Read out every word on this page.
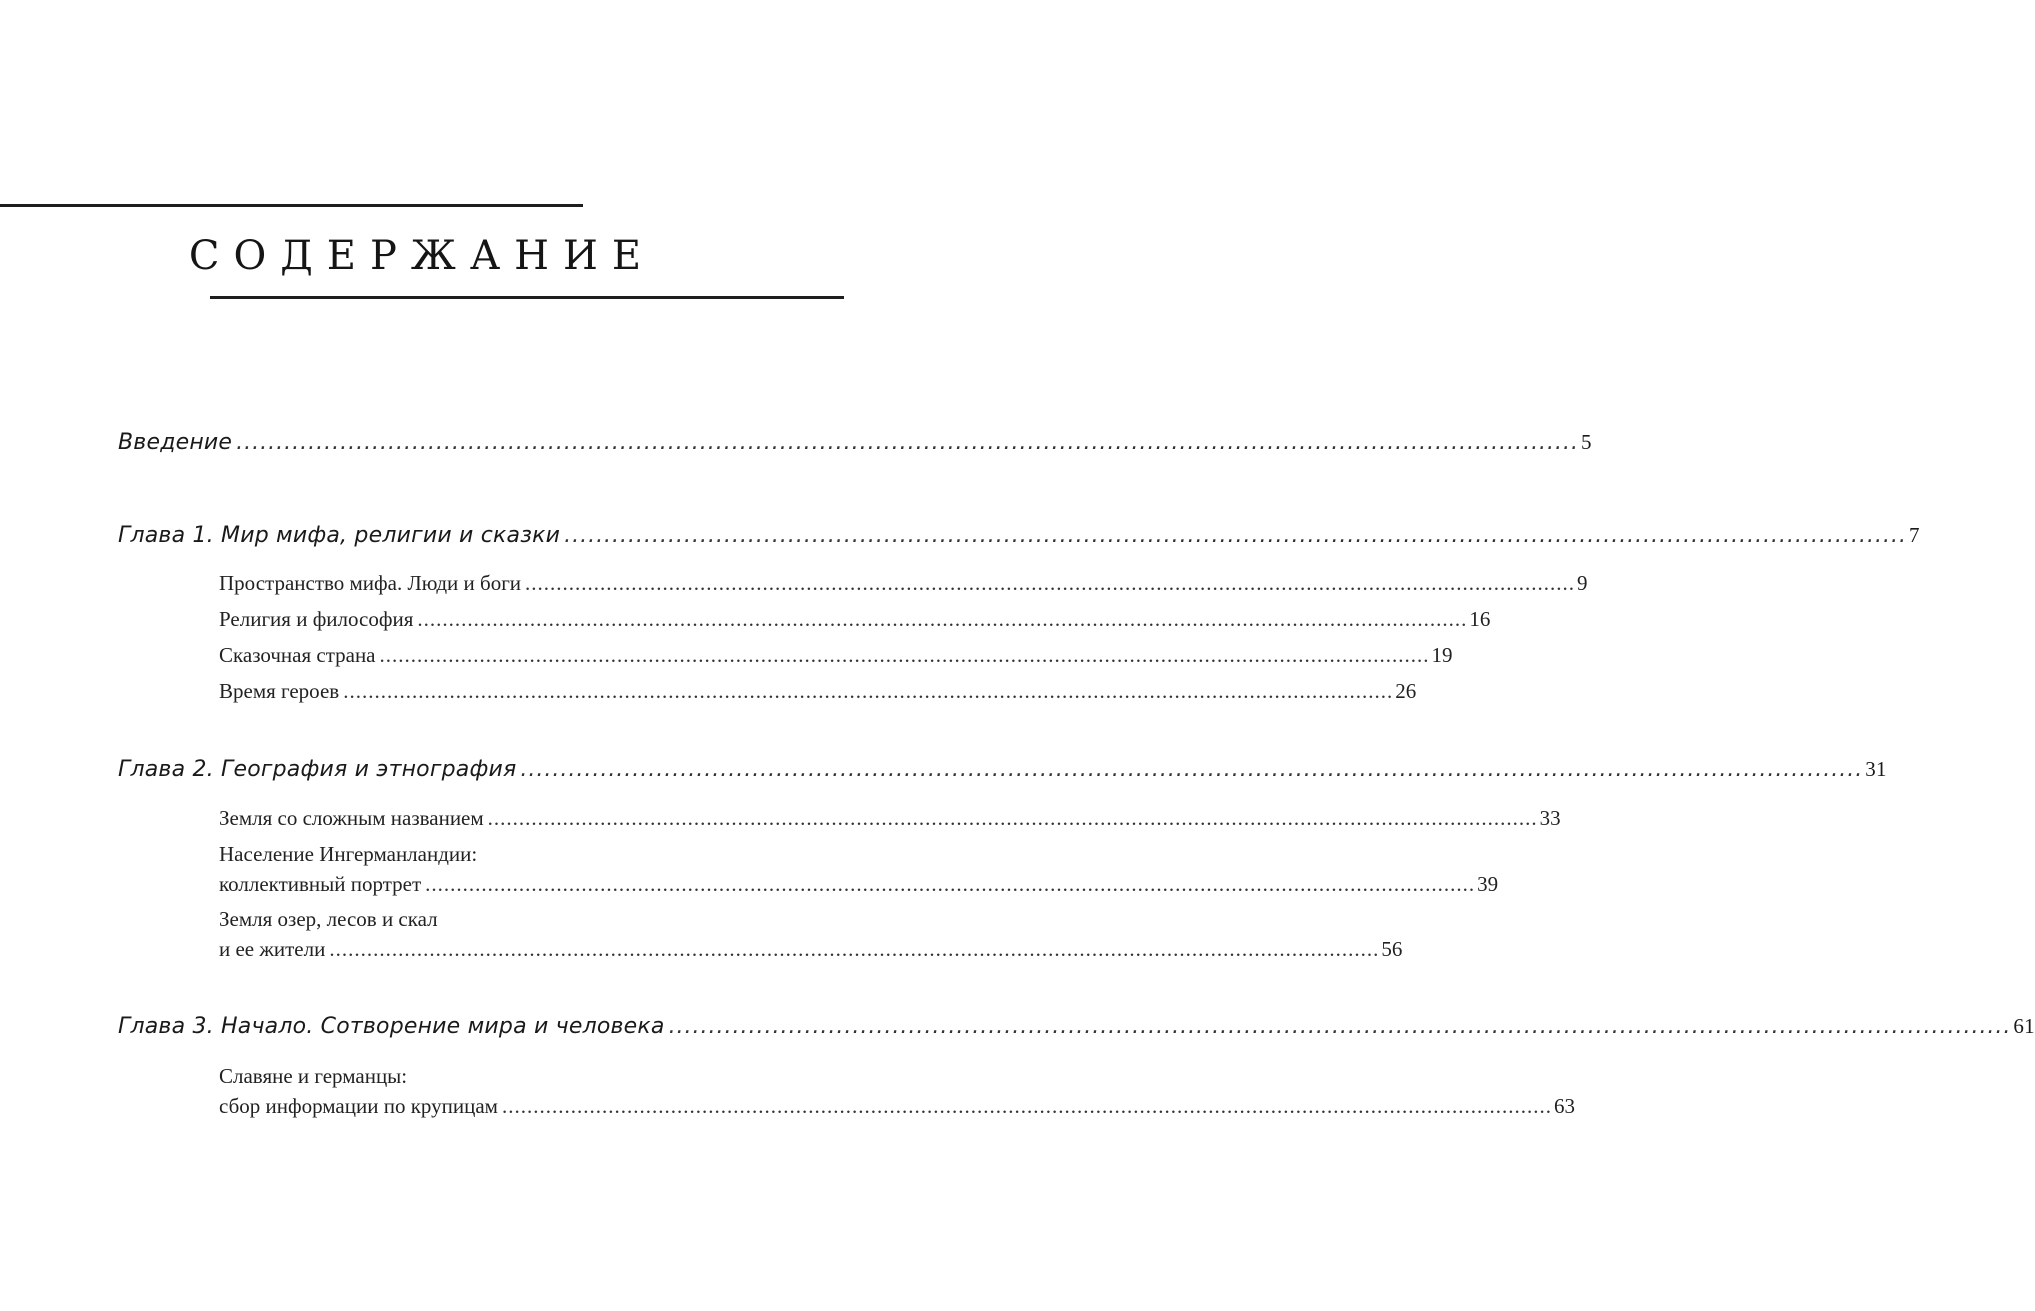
СОДЕРЖАНИЕ
Введение ........................................................................................................................................................................ 5
Глава 1. Мир мифа, религии и сказки ........................................................................................................................................................................ 7
Пространство мифа. Люди и боги ........................................................................................................................................................................ 9
Религия и философия ........................................................................................................................................................................ 16
Сказочная страна ........................................................................................................................................................................ 19
Время героев ........................................................................................................................................................................ 26
Глава 2. География и этнография ........................................................................................................................................................................ 31
Земля со сложным названием ........................................................................................................................................................................ 33
Население Ингерманландии:
коллективный портрет ........................................................................................................................................................................ 39
Земля озер, лесов и скал
и ее жители ........................................................................................................................................................................ 56
Глава 3. Начало. Сотворение мира и человека ........................................................................................................................................................................ 61
Славяне и германцы:
сбор информации по крупицам ........................................................................................................................................................................ 63
